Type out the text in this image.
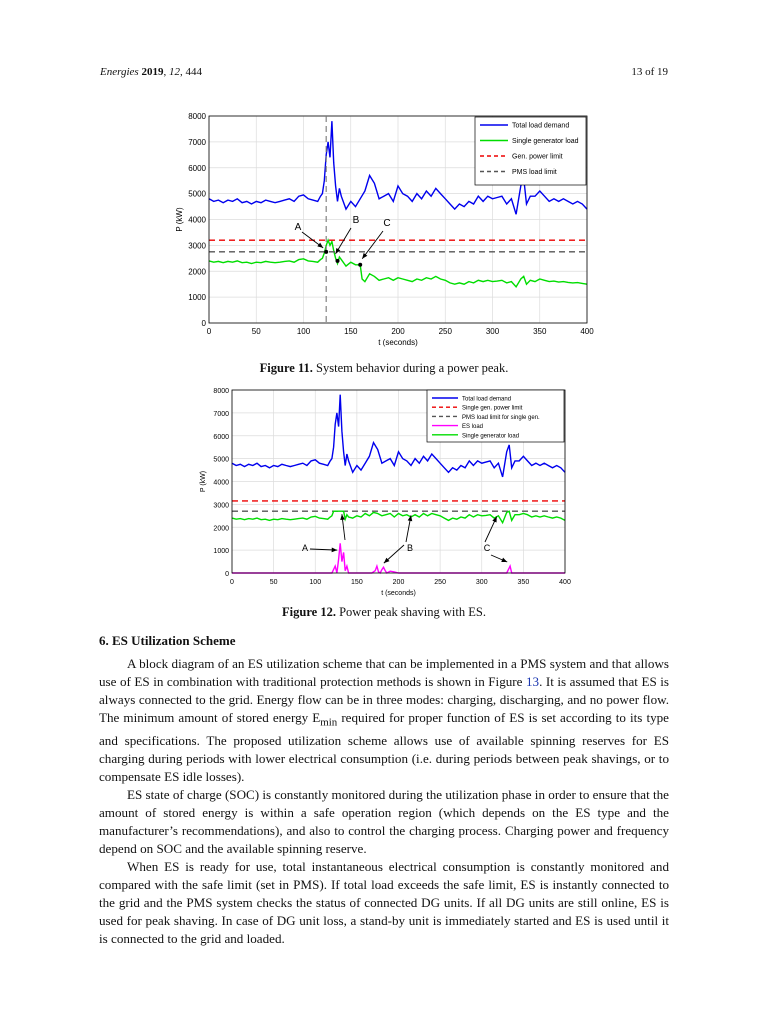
Energies 2019, 12, 444	13 of 19
0	50	100	150	200	250	300	350	400
0
1000
2000
3000
4000
5000
6000
7000
8000
t (seconds)
P (kW)
Total load demand
Single generator load
Gen. power limit
PMS load limit
A
B C
Figure 11. System behavior during a power peak.
0	50	100	150	200	250	300	350	400
0
1000
2000
3000
4000
5000
6000
7000
8000
t (seconds)
P (kW)
Total load demand
Single gen. power limit
PMS load limit for single gen.
ES load
Single generator load
A	B	C
Figure 12. Power peak shaving with ES.
6. ES Utilization Scheme

A block diagram of an ES utilization scheme that can be implemented in a PMS system and that allows use of ES in combination with traditional protection methods is shown in Figure 13. It is assumed that ES is always connected to the grid. Energy flow can be in three modes: charging, discharging, and no power flow. The minimum amount of stored energy $E_{min}$ required for proper function of ES is set according to its type and specifications. The proposed utilization scheme allows use of available spinning reserves for ES charging during periods with lower electrical consumption (i.e. during periods between peak shavings, or to compensate ES idle losses).

ES state of charge (SOC) is constantly monitored during the utilization phase in order to ensure that the amount of stored energy is within a safe operation region (which depends on the ES type and the manufacturer’s recommendations), and also to control the charging process. Charging power and frequency depend on SOC and the available spinning reserve.

When ES is ready for use, total instantaneous electrical consumption is constantly monitored and compared with the safe limit (set in PMS). If total load exceeds the safe limit, ES is instantly connected to the grid and the PMS system checks the status of connected DG units. If all DG units are still online, ES is used for peak shaving. In case of DG unit loss, a stand-by unit is immediately started and ES is used until it is connected to the grid and loaded.
